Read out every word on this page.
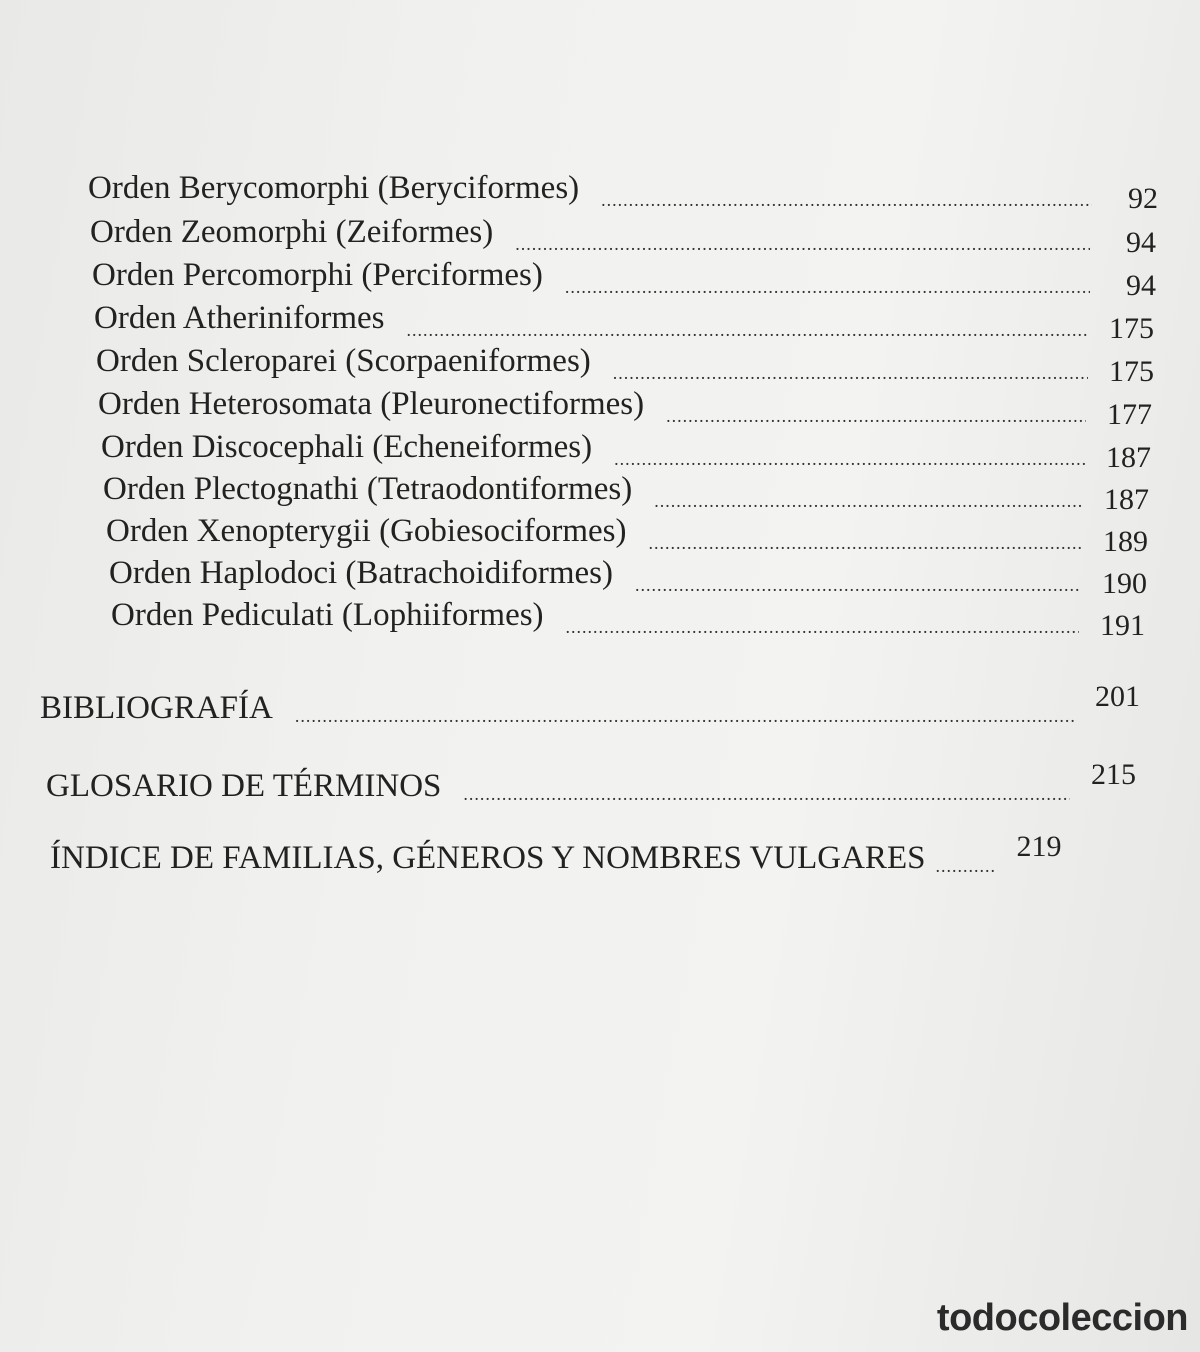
Orden Berycomorphi (Beryciformes) .....	92
Orden Zeomorphi (Zeiformes) .....	94
Orden Percomorphi (Perciformes) .....	94
Orden Atheriniformes .....	175
Orden Scleroparei (Scorpaeniformes) .....	175
Orden Heterosomata (Pleuronectiformes) .....	177
Orden Discocephali (Echeneiformes) .....	187
Orden Plectognathi (Tetraodontiformes) .....	187
Orden Xenopterygii (Gobiesociformes) .....	189
Orden Haplodoci (Batrachoidiformes) .....	190
Orden Pediculati (Lophiiformes) .....	191
BIBLIOGRAFÍA .....	201
GLOSARIO DE TÉRMINOS .....	215
ÍNDICE DE FAMILIAS, GÉNEROS Y NOMBRES VULGARES .....	219
todocoleccion
